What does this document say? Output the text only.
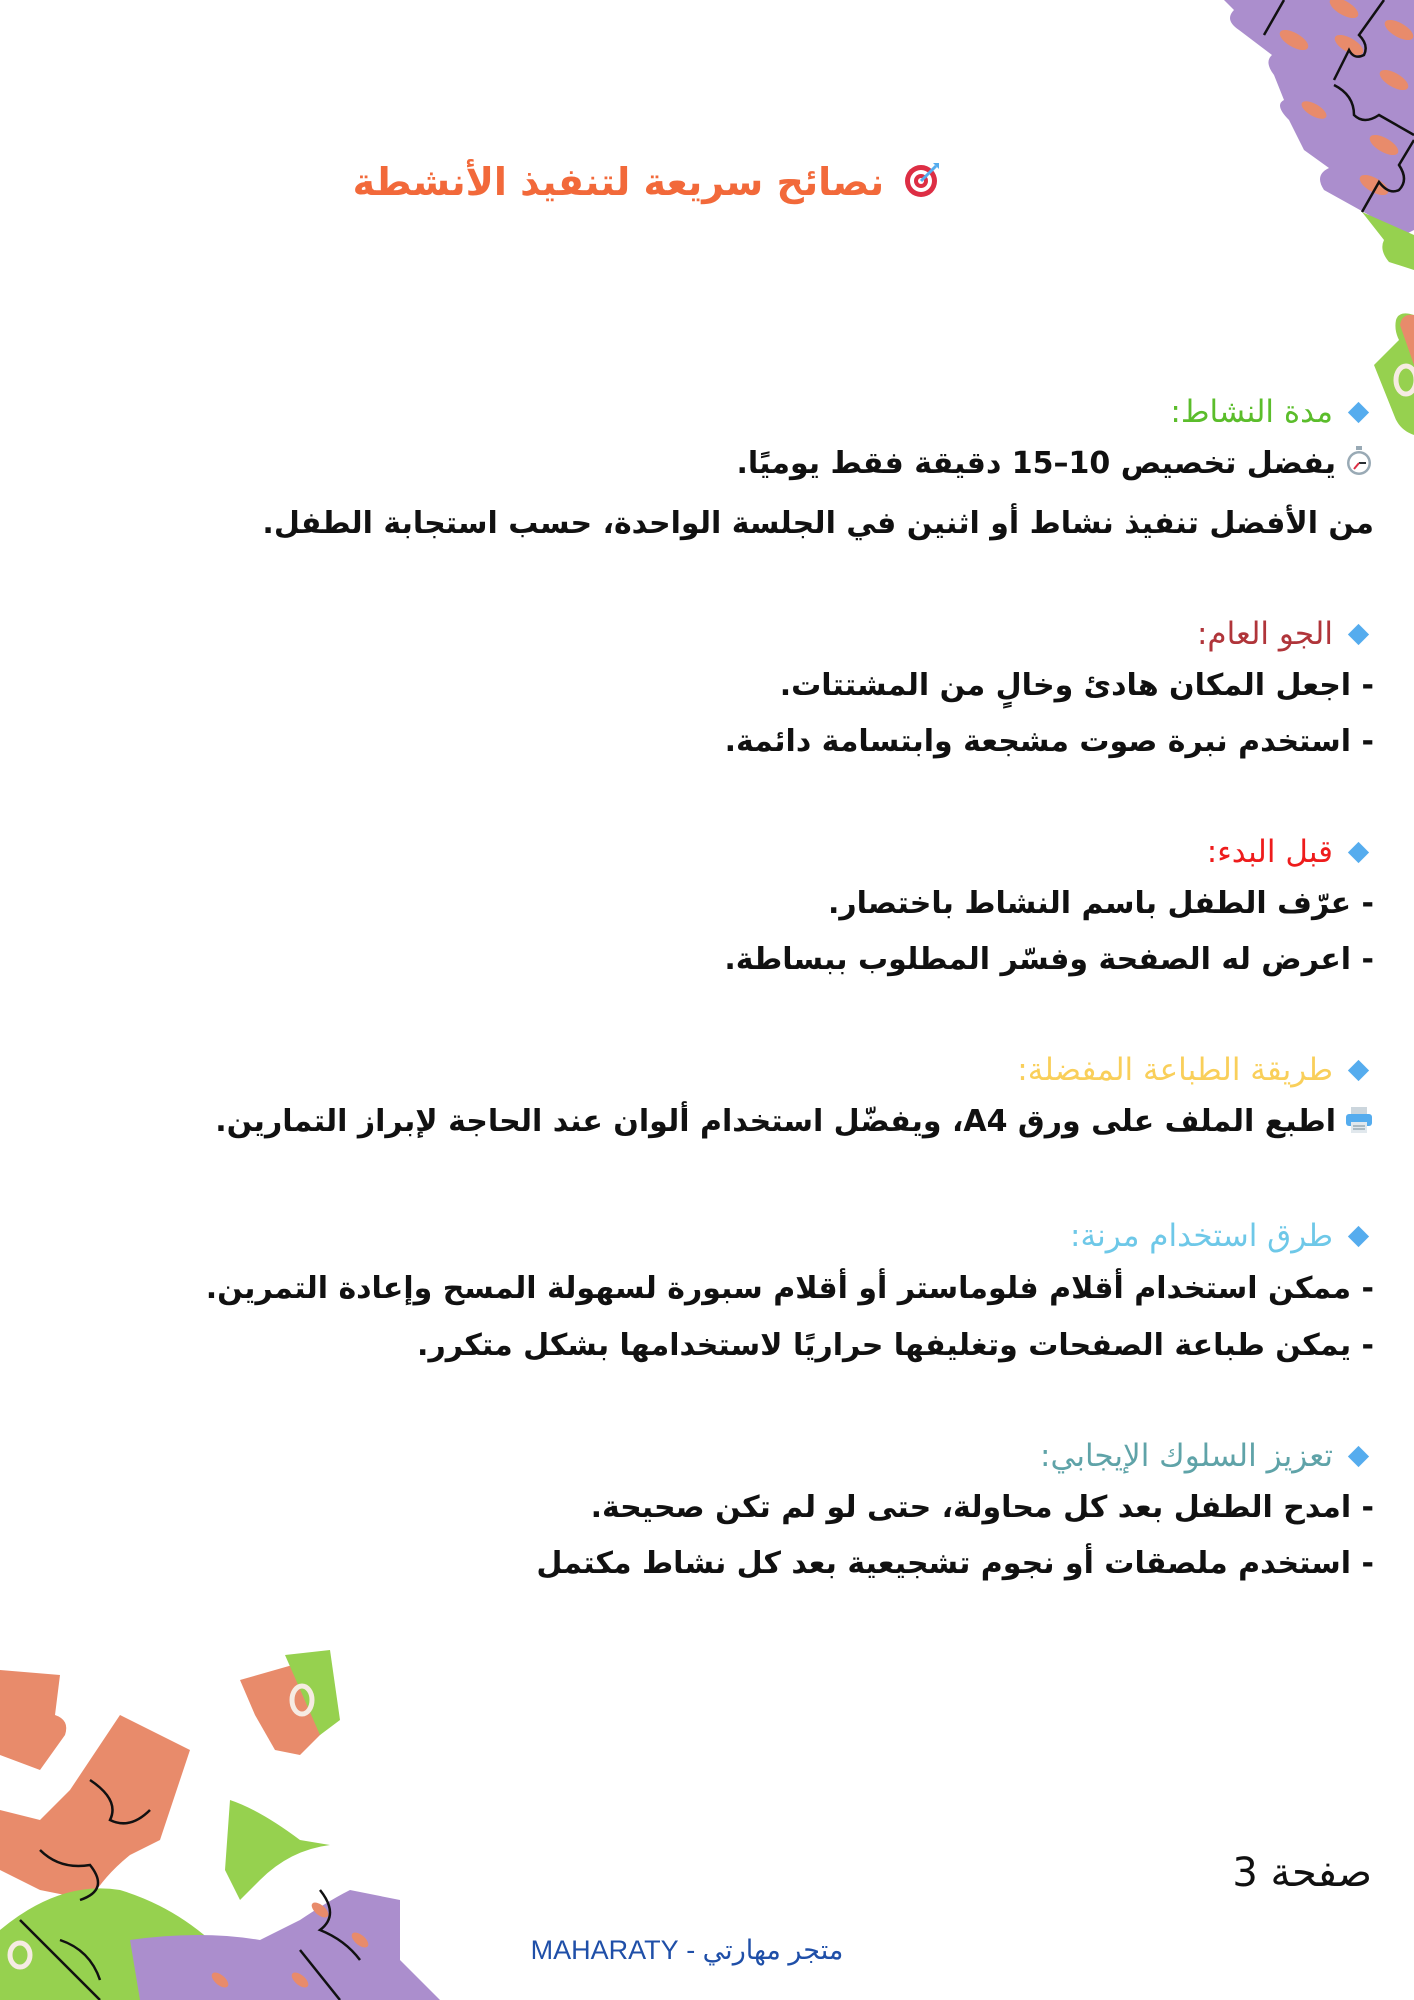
نصائح سريعة لتنفيذ الأنشطة
مدة النشاط:
يفضل تخصيص 10–15 دقيقة فقط يوميًا.
من الأفضل تنفيذ نشاط أو اثنين في الجلسة الواحدة، حسب استجابة الطفل.
الجو العام:
- اجعل المكان هادئ وخالٍ من المشتتات.
- استخدم نبرة صوت مشجعة وابتسامة دائمة.
قبل البدء:
- عرّف الطفل باسم النشاط باختصار.
- اعرض له الصفحة وفسّر المطلوب ببساطة.
طريقة الطباعة المفضلة:
اطبع الملف على ورق A4، ويفضّل استخدام ألوان عند الحاجة لإبراز التمارين.
طرق استخدام مرنة:
- ممكن استخدام أقلام فلوماستر أو أقلام سبورة لسهولة المسح وإعادة التمرين.
- يمكن طباعة الصفحات وتغليفها حراريًا لاستخدامها بشكل متكرر.
تعزيز السلوك الإيجابي:
- امدح الطفل بعد كل محاولة، حتى لو لم تكن صحيحة.
- استخدم ملصقات أو نجوم تشجيعية بعد كل نشاط مكتمل
صفحة 3
متجر مهارتي - MAHARATY
